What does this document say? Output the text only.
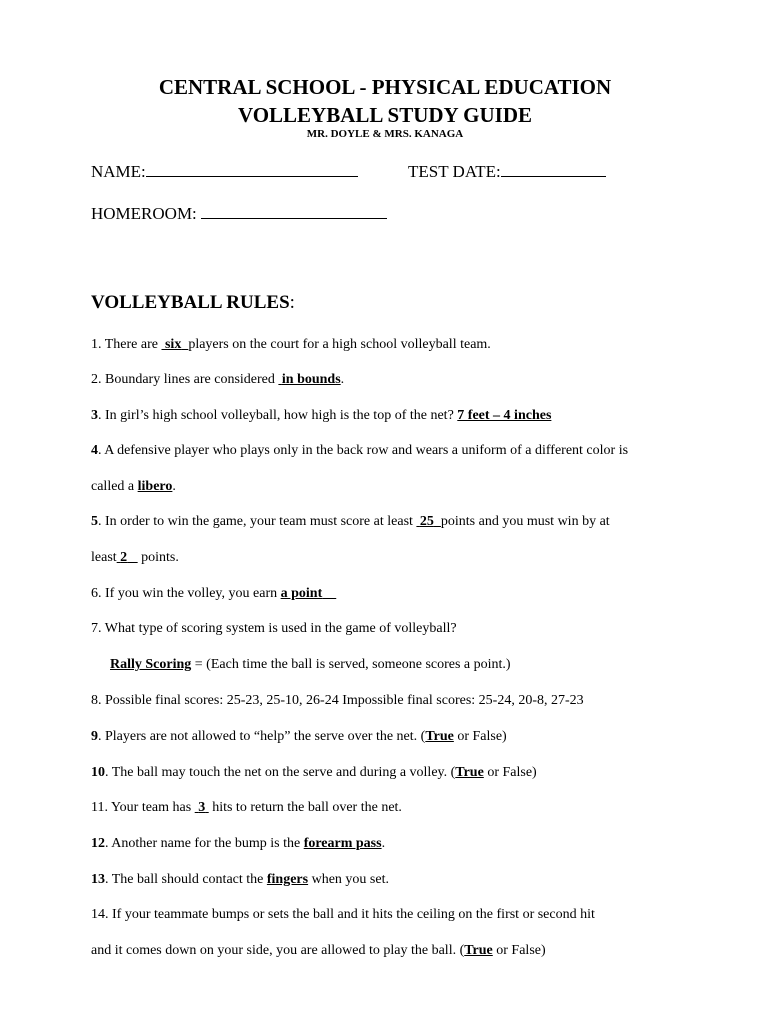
CENTRAL SCHOOL - PHYSICAL EDUCATION
VOLLEYBALL STUDY GUIDE
MR. DOYLE & MRS. KANAGA
NAME:	TEST DATE:
HOMEROOM:
VOLLEYBALL RULES:
1. There are  six players on the court for a high school volleyball team.
2. Boundary lines are considered  in bounds.
3. In girl’s high school volleyball, how high is the top of the net? 7 feet – 4 inches
4. A defensive player who plays only in the back row and wears a uniform of a different color is
called a libero.
5. In order to win the game, your team must score at least  25 points and you must win by at
least 2    points.
6. If you win the volley, you earn a point
7. What type of scoring system is used in the game of volleyball?
Rally Scoring = (Each time the ball is served, someone scores a point.)
8. Possible final scores: 25-23, 25-10, 26-24 Impossible final scores: 25-24, 20-8, 27-23
9. Players are not allowed to “help” the serve over the net. (True or False)
10. The ball may touch the net on the serve and during a volley. (True or False)
11. Your team has  3  hits to return the ball over the net.
12. Another name for the bump is the forearm pass.
13. The ball should contact the fingers when you set.
14. If your teammate bumps or sets the ball and it hits the ceiling on the first or second hit
and it comes down on your side, you are allowed to play the ball. (True or False)
